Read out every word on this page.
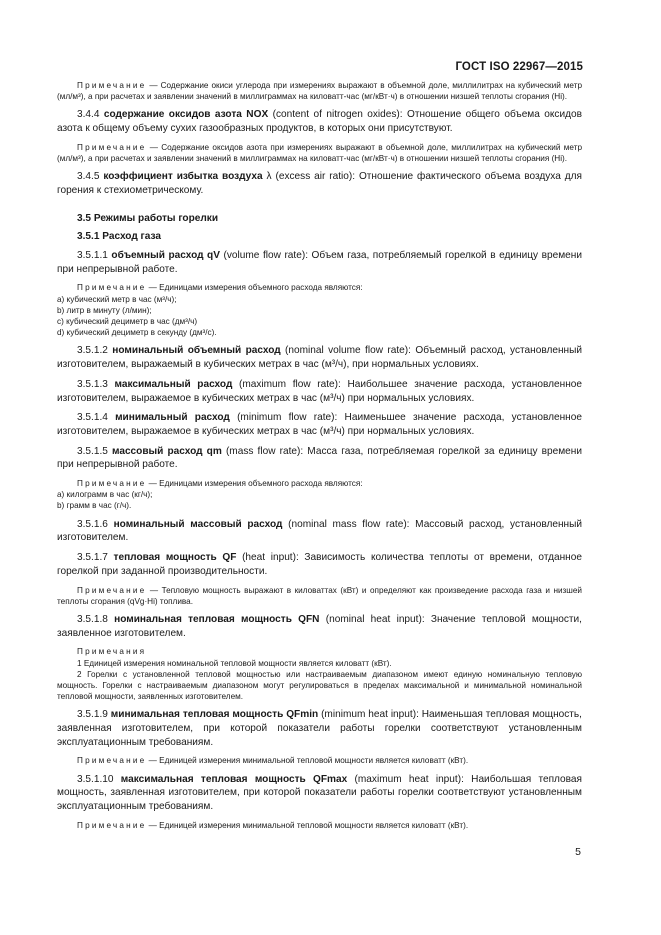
ГОСТ ISO 22967—2015

Примечание — Содержание окиси углерода при измерениях выражают в объемной доле, миллилитрах на кубический метр (мл/м³), а при расчетах и заявлении значений в миллиграммах на киловатт-час (мг/кВт·ч) в отношении низшей теплоты сгорания (Hi).

3.4.4 содержание оксидов азота NOX (content of nitrogen oxides): Отношение общего объема оксидов азота к общему объему сухих газообразных продуктов, в которых они присутствуют.

Примечание — Содержание оксидов азота при измерениях выражают в объемной доле, миллилитрах на кубический метр (мл/м³), а при расчетах и заявлении значений в миллиграммах на киловатт-час (мг/кВт·ч) в отношении низшей теплоты сгорания (Hi).

3.4.5 коэффициент избытка воздуха λ (excess air ratio): Отношение фактического объема воздуха для горения к стехиометрическому.

3.5 Режимы работы горелки
3.5.1 Расход газа

3.5.1.1 объемный расход qV (volume flow rate): Объем газа, потребляемый горелкой в единицу времени при непрерывной работе.

Примечание — Единицами измерения объемного расхода являются:
a) кубический метр в час (м³/ч);
b) литр в минуту (л/мин);
c) кубический дециметр в час (дм³/ч)
d) кубический дециметр в секунду (дм³/с).

3.5.1.2 номинальный объемный расход (nominal volume flow rate): Объемный расход, установленный изготовителем, выражаемый в кубических метрах в час (м³/ч), при нормальных условиях.

3.5.1.3 максимальный расход (maximum flow rate): Наибольшее значение расхода, установленное изготовителем, выражаемое в кубических метрах в час (м³/ч) при нормальных условиях.

3.5.1.4 минимальный расход (minimum flow rate): Наименьшее значение расхода, установленное изготовителем, выражаемое в кубических метрах в час (м³/ч) при нормальных условиях.

3.5.1.5 массовый расход qm (mass flow rate): Масса газа, потребляемая горелкой за единицу времени при непрерывной работе.

Примечание — Единицами измерения объемного расхода являются:
a) килограмм в час (кг/ч);
b) грамм в час (г/ч).

3.5.1.6 номинальный массовый расход (nominal mass flow rate): Массовый расход, установленный изготовителем.

3.5.1.7 тепловая мощность QF (heat input): Зависимость количества теплоты от времени, отданное горелкой при заданной производительности.

Примечание — Тепловую мощность выражают в киловаттах (кВт) и определяют как произведение расхода газа и низшей теплоты сгорания (qVg·Hi) топлива.

3.5.1.8 номинальная тепловая мощность QFN (nominal heat input): Значение тепловой мощности, заявленное изготовителем.

Примечания
1 Единицей измерения номинальной тепловой мощности является киловатт (кВт).
2 Горелки с установленной тепловой мощностью или настраиваемым диапазоном имеют единую номинальную тепловую мощность. Горелки с настраиваемым диапазоном могут регулироваться в пределах максимальной и минимальной номинальной тепловой мощности, заявленных изготовителем.

3.5.1.9 минимальная тепловая мощность QFmin (minimum heat input): Наименьшая тепловая мощность, заявленная изготовителем, при которой показатели работы горелки соответствуют установленным эксплуатационным требованиям.

Примечание — Единицей измерения минимальной тепловой мощности является киловатт (кВт).

3.5.1.10 максимальная тепловая мощность QFmax (maximum heat input): Наибольшая тепловая мощность, заявленная изготовителем, при которой показатели работы горелки соответствуют установленным эксплуатационным требованиям.

Примечание — Единицей измерения минимальной тепловой мощности является киловатт (кВт).

5
